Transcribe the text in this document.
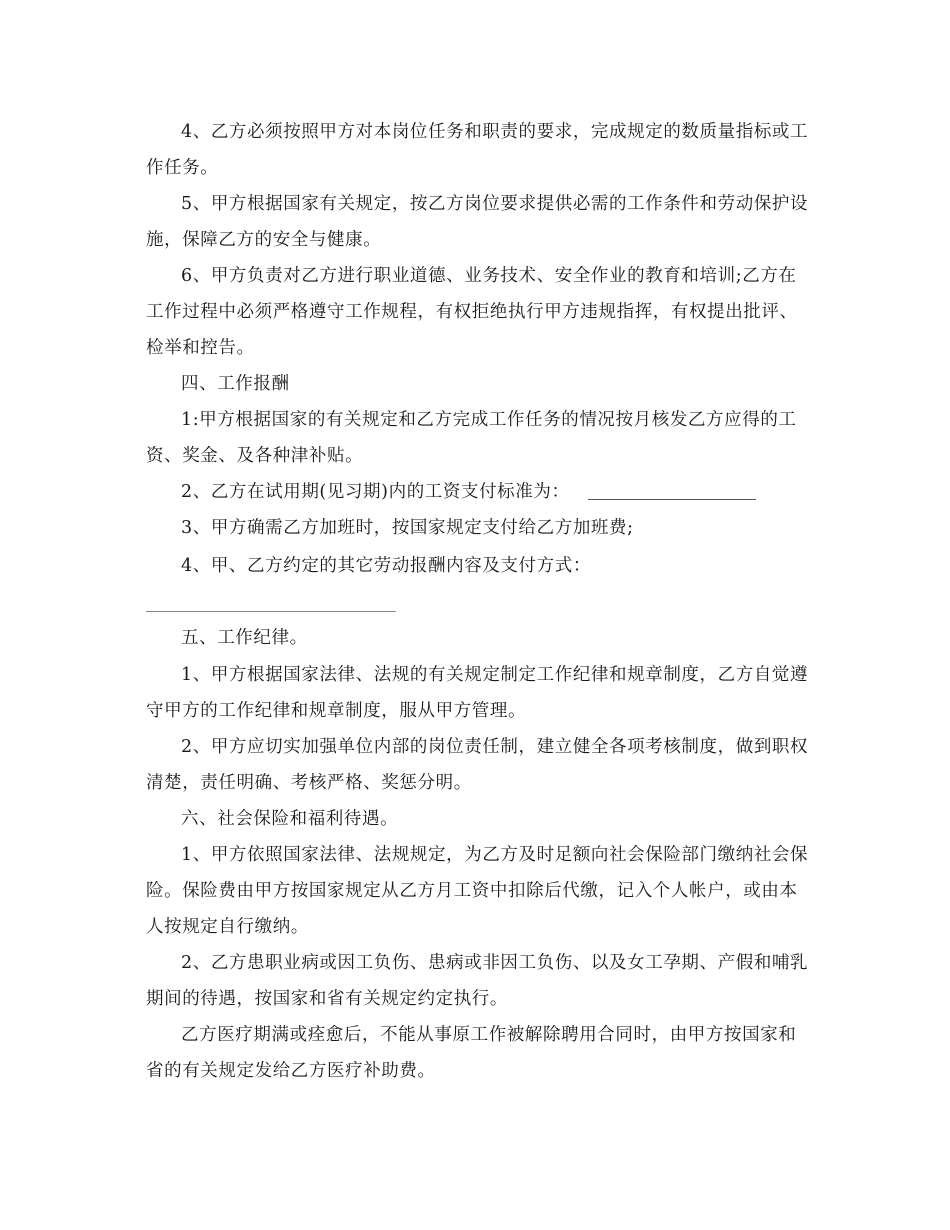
4、乙方必须按照甲方对本岗位任务和职责的要求，完成规定的数质量指标或工作任务。

5、甲方根据国家有关规定，按乙方岗位要求提供必需的工作条件和劳动保护设施，保障乙方的安全与健康。

6、甲方负责对乙方进行职业道德、业务技术、安全作业的教育和培训;乙方在工作过程中必须严格遵守工作规程，有权拒绝执行甲方违规指挥，有权提出批评、检举和控告。

四、工作报酬

1:甲方根据国家的有关规定和乙方完成工作任务的情况按月核发乙方应得的工资、奖金、及各种津补贴。

2、乙方在试用期(见习期)内的工资支付标准为：

3、甲方确需乙方加班时，按国家规定支付给乙方加班费;

4、甲、乙方约定的其它劳动报酬内容及支付方式：

五、工作纪律。

1、甲方根据国家法律、法规的有关规定制定工作纪律和规章制度，乙方自觉遵守甲方的工作纪律和规章制度，服从甲方管理。

2、甲方应切实加强单位内部的岗位责任制，建立健全各项考核制度，做到职权清楚，责任明确、考核严格、奖惩分明。

六、社会保险和福利待遇。

1、甲方依照国家法律、法规规定，为乙方及时足额向社会保险部门缴纳社会保险。保险费由甲方按国家规定从乙方月工资中扣除后代缴，记入个人帐户，或由本人按规定自行缴纳。

2、乙方患职业病或因工负伤、患病或非因工负伤、以及女工孕期、产假和哺乳期间的待遇，按国家和省有关规定约定执行。

乙方医疗期满或痊愈后，不能从事原工作被解除聘用合同时，由甲方按国家和省的有关规定发给乙方医疗补助费。
